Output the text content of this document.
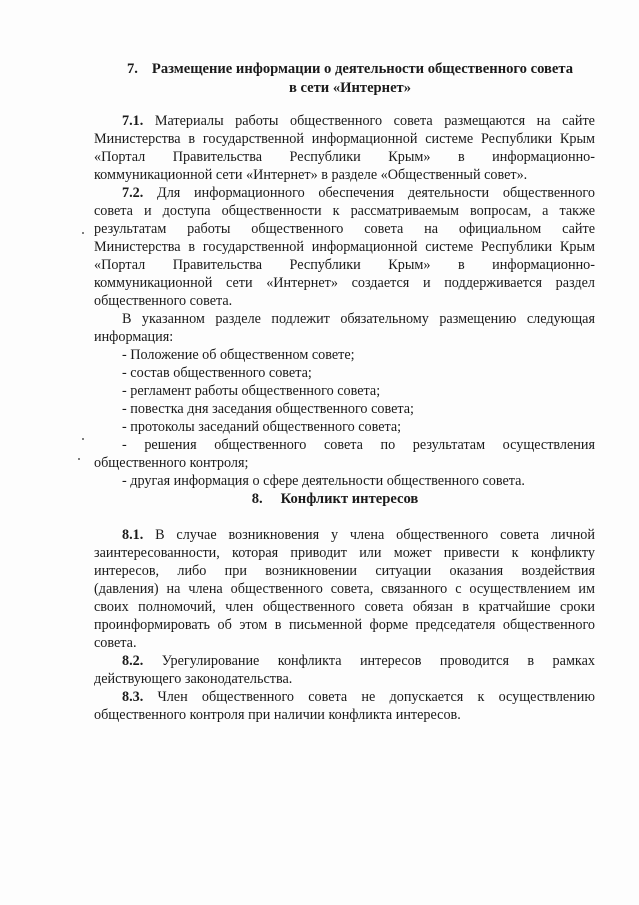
7. Размещение информации о деятельности общественного совета
в сети «Интернет»
7.1. Материалы работы общественного совета размещаются на сайте
Министерства в государственной информационной системе Республики Крым
«Портал Правительства Республики Крым» в информационно-
коммуникационной сети «Интернет» в разделе «Общественный совет».
7.2. Для информационного обеспечения деятельности общественного
совета и доступа общественности к рассматриваемым вопросам, а также
результатам работы общественного совета на официальном сайте
Министерства в государственной информационной системе Республики Крым
«Портал Правительства Республики Крым» в информационно-
коммуникационной сети «Интернет» создается и поддерживается раздел
общественного совета.
В указанном разделе подлежит обязательному размещению следующая
информация:
- Положение об общественном совете;
- состав общественного совета;
- регламент работы общественного совета;
- повестка дня заседания общественного совета;
- протоколы заседаний общественного совета;
- решения общественного совета по результатам осуществления
общественного контроля;
- другая информация о сфере деятельности общественного совета.
8. Конфликт интересов
8.1. В случае возникновения у члена общественного совета личной
заинтересованности, которая приводит или может привести к конфликту
интересов, либо при возникновении ситуации оказания воздействия
(давления) на члена общественного совета, связанного с осуществлением им
своих полномочий, член общественного совета обязан в кратчайшие сроки
проинформировать об этом в письменной форме председателя общественного
совета.
8.2. Урегулирование конфликта интересов проводится в рамках
действующего законодательства.
8.3. Член общественного совета не допускается к осуществлению
общественного контроля при наличии конфликта интересов.
